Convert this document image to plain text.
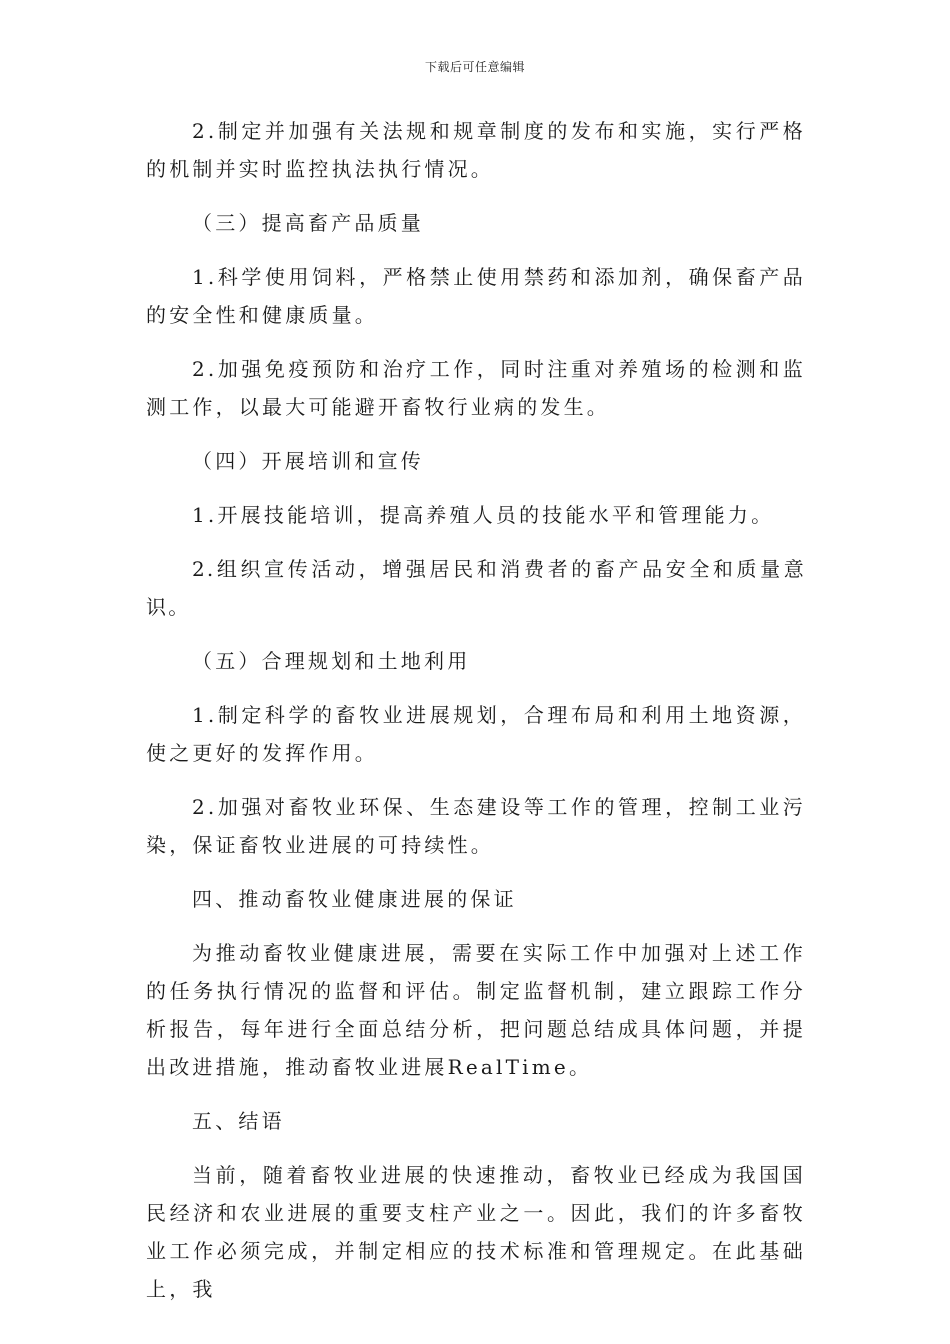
下载后可任意编辑

2.制定并加强有关法规和规章制度的发布和实施，实行严格的机制并实时监控执法执行情况。

（三）提高畜产品质量

1.科学使用饲料，严格禁止使用禁药和添加剂，确保畜产品的安全性和健康质量。

2.加强免疫预防和治疗工作，同时注重对养殖场的检测和监测工作，以最大可能避开畜牧行业病的发生。

（四）开展培训和宣传

1.开展技能培训，提高养殖人员的技能水平和管理能力。

2.组织宣传活动，增强居民和消费者的畜产品安全和质量意识。

（五）合理规划和土地利用

1.制定科学的畜牧业进展规划，合理布局和利用土地资源，使之更好的发挥作用。

2.加强对畜牧业环保、生态建设等工作的管理，控制工业污染，保证畜牧业进展的可持续性。

四、推动畜牧业健康进展的保证

为推动畜牧业健康进展，需要在实际工作中加强对上述工作的任务执行情况的监督和评估。制定监督机制，建立跟踪工作分析报告，每年进行全面总结分析，把问题总结成具体问题，并提出改进措施，推动畜牧业进展RealTime。

五、结语

当前，随着畜牧业进展的快速推动，畜牧业已经成为我国国民经济和农业进展的重要支柱产业之一。因此，我们的许多畜牧业工作必须完成，并制定相应的技术标准和管理规定。在此基础上，我
